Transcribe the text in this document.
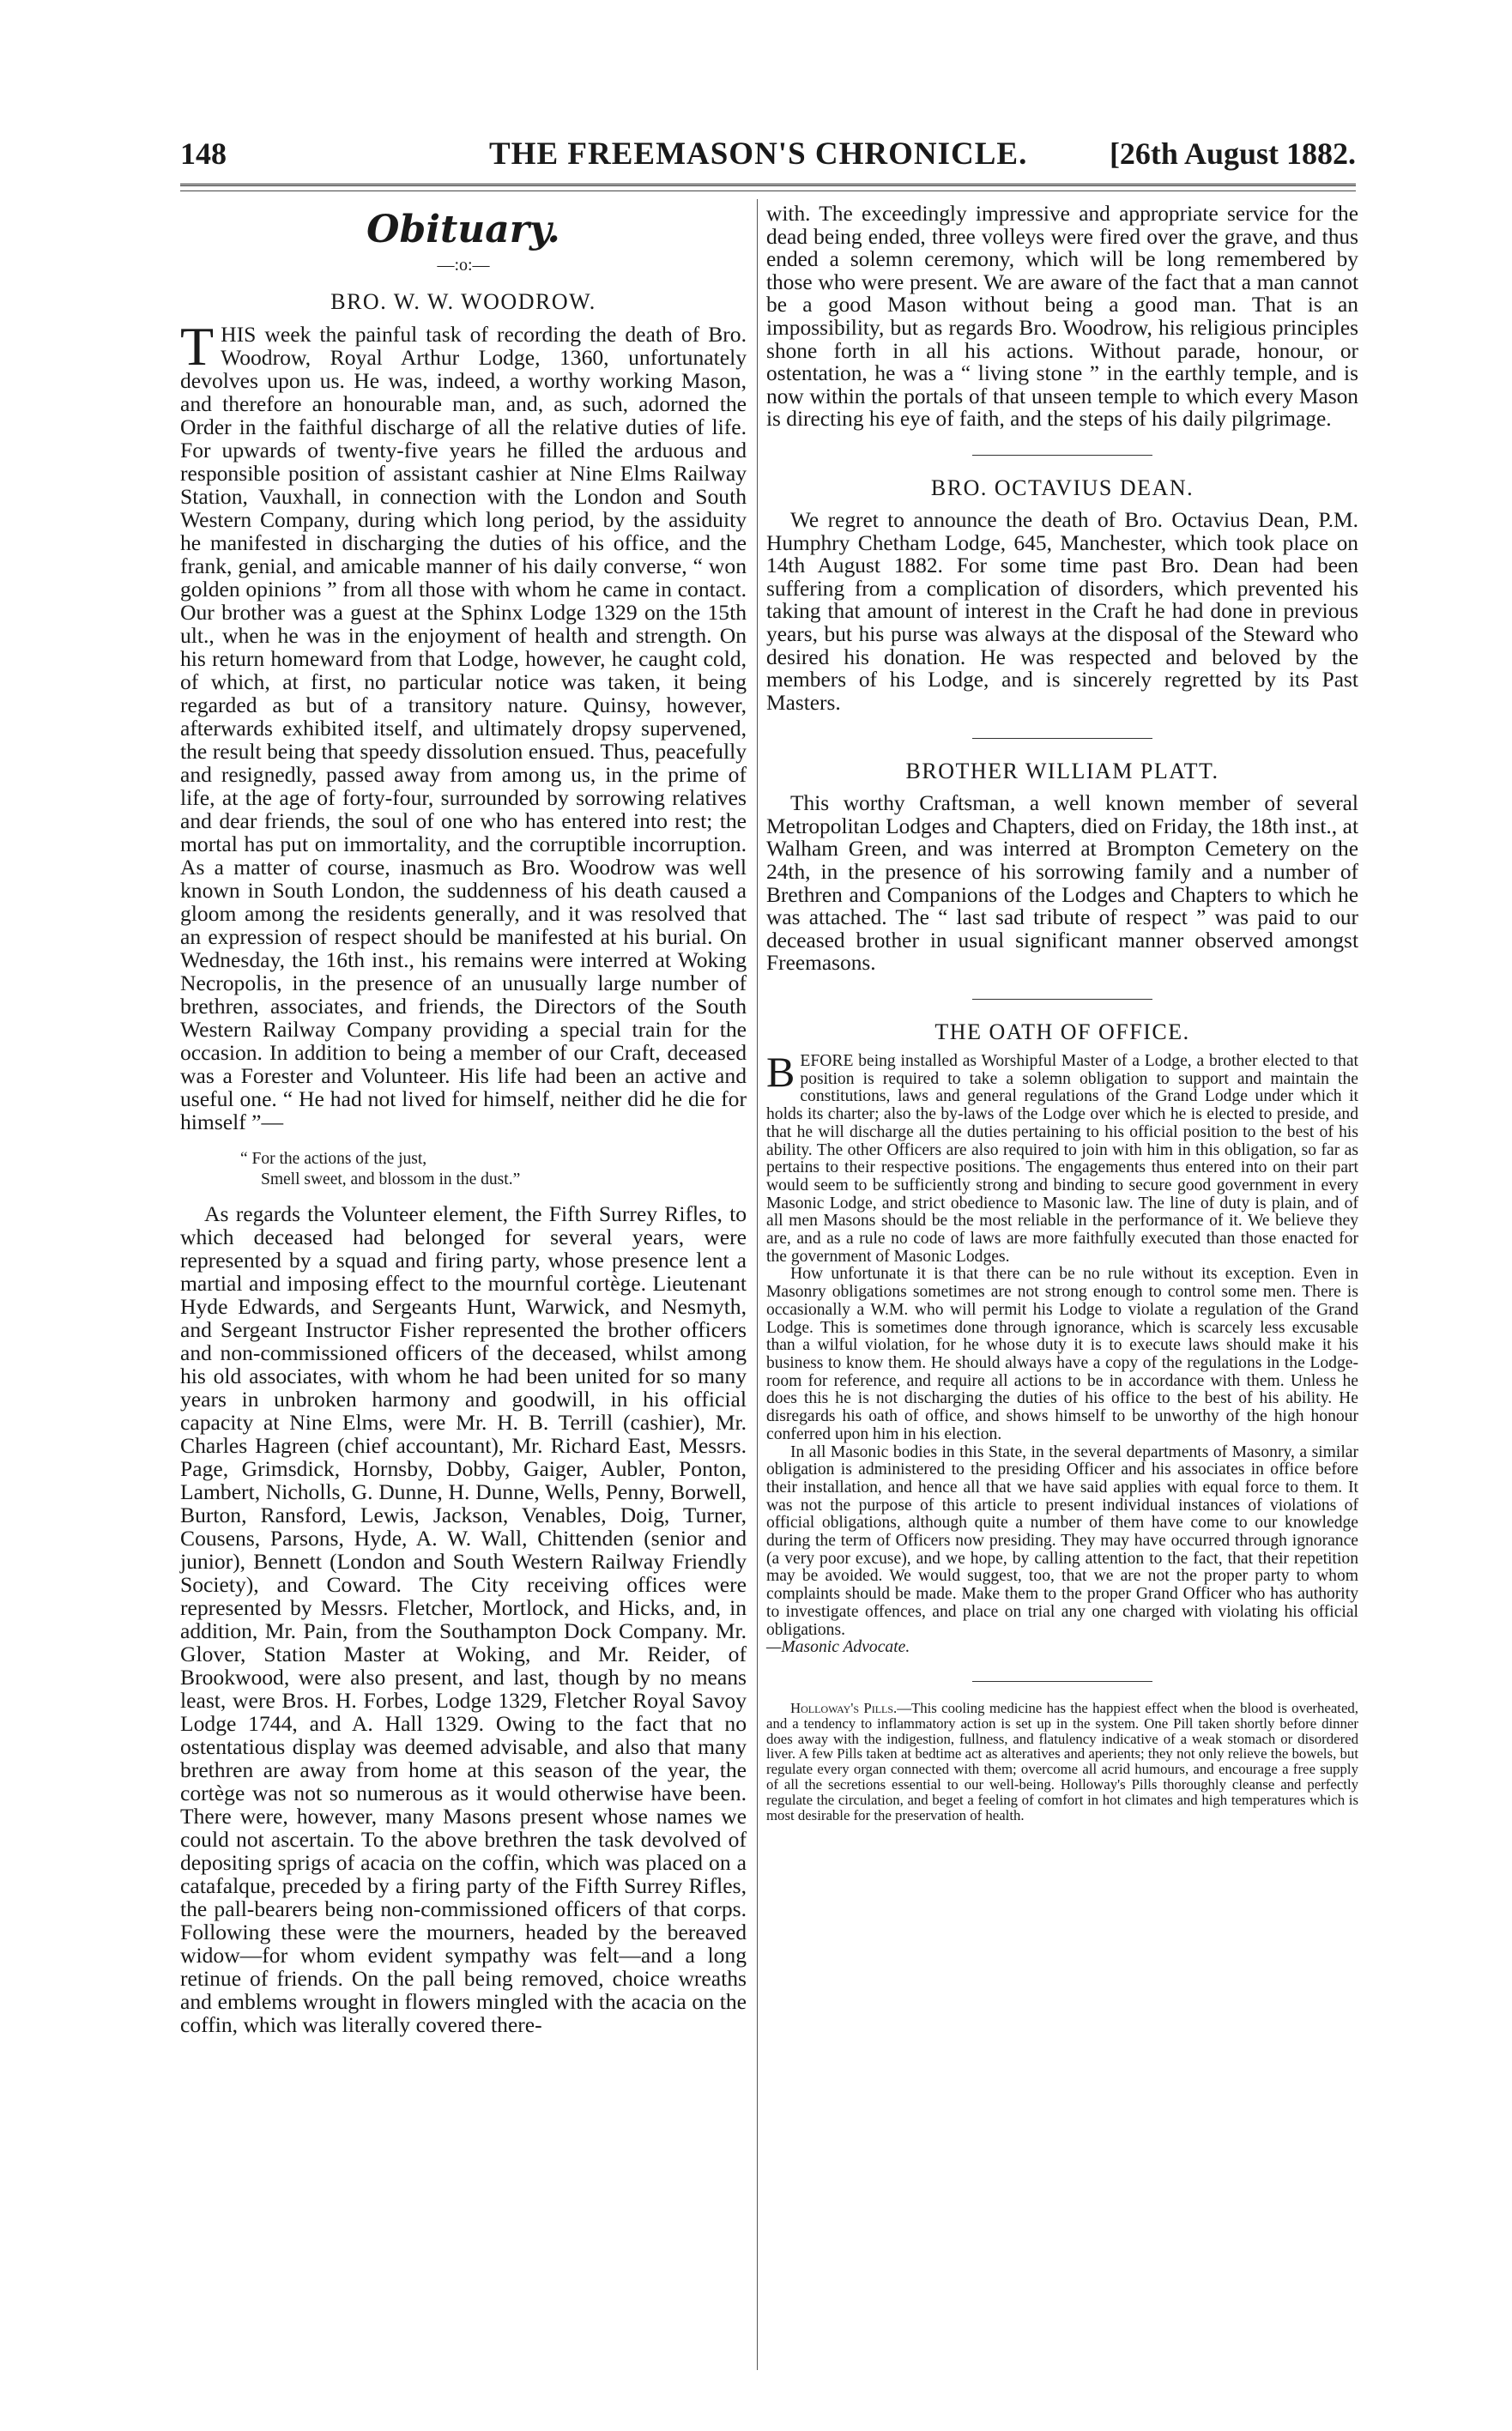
148	THE FREEMASON'S CHRONICLE.	[26th August 1882.
Obituary.
—:o:—
BRO. W. W. WOODROW.

THIS week the painful task of recording the death of Bro. Woodrow, Royal Arthur Lodge, 1360, unfortunately devolves upon us. He was, indeed, a worthy working Mason, and therefore an honourable man, and, as such, adorned the Order in the faithful discharge of all the relative duties of life. For upwards of twenty-five years he filled the arduous and responsible position of assistant cashier at Nine Elms Railway Station, Vauxhall, in connection with the London and South Western Company, during which long period, by the assiduity he manifested in discharging the duties of his office, and the frank, genial, and amicable manner of his daily converse, “ won golden opinions ” from all those with whom he came in contact. Our brother was a guest at the Sphinx Lodge 1329 on the 15th ult., when he was in the enjoyment of health and strength. On his return homeward from that Lodge, however, he caught cold, of which, at first, no particular notice was taken, it being regarded as but of a transitory nature. Quinsy, however, afterwards exhibited itself, and ultimately dropsy supervened, the result being that speedy dissolution ensued. Thus, peacefully and resignedly, passed away from among us, in the prime of life, at the age of forty-four, surrounded by sorrowing relatives and dear friends, the soul of one who has entered into rest; the mortal has put on immortality, and the corruptible incorruption. As a matter of course, inasmuch as Bro. Woodrow was well known in South London, the suddenness of his death caused a gloom among the residents generally, and it was resolved that an expression of respect should be manifested at his burial. On Wednesday, the 16th inst., his remains were interred at Woking Necropolis, in the presence of an unusually large number of brethren, associates, and friends, the Directors of the South Western Railway Company providing a special train for the occasion. In addition to being a member of our Craft, deceased was a Forester and Volunteer. His life had been an active and useful one. “ He had not lived for himself, neither did he die for himself ”—

“ For the actions of the just,
Smell sweet, and blossom in the dust.”

As regards the Volunteer element, the Fifth Surrey Rifles, to which deceased had belonged for several years, were represented by a squad and firing party, whose presence lent a martial and imposing effect to the mournful cortège. Lieutenant Hyde Edwards, and Sergeants Hunt, Warwick, and Nesmyth, and Sergeant Instructor Fisher represented the brother officers and non-commissioned officers of the deceased, whilst among his old associates, with whom he had been united for so many years in unbroken harmony and goodwill, in his official capacity at Nine Elms, were Mr. H. B. Terrill (cashier), Mr. Charles Hagreen (chief accountant), Mr. Richard East, Messrs. Page, Grimsdick, Hornsby, Dobby, Gaiger, Aubler, Ponton, Lambert, Nicholls, G. Dunne, H. Dunne, Wells, Penny, Borwell, Burton, Ransford, Lewis, Jackson, Venables, Doig, Turner, Cousens, Parsons, Hyde, A. W. Wall, Chittenden (senior and junior), Bennett (London and South Western Railway Friendly Society), and Coward. The City receiving offices were represented by Messrs. Fletcher, Mortlock, and Hicks, and, in addition, Mr. Pain, from the Southampton Dock Company. Mr. Glover, Station Master at Woking, and Mr. Reider, of Brookwood, were also present, and last, though by no means least, were Bros. H. Forbes, Lodge 1329, Fletcher Royal Savoy Lodge 1744, and A. Hall 1329. Owing to the fact that no ostentatious display was deemed advisable, and also that many brethren are away from home at this season of the year, the cortège was not so numerous as it would otherwise have been. There were, however, many Masons present whose names we could not ascertain. To the above brethren the task devolved of depositing sprigs of acacia on the coffin, which was placed on a catafalque, preceded by a firing party of the Fifth Surrey Rifles, the pall-bearers being non-commissioned officers of that corps. Following these were the mourners, headed by the bereaved widow—for whom evident sympathy was felt—and a long retinue of friends. On the pall being removed, choice wreaths and emblems wrought in flowers mingled with the acacia on the coffin, which was literally covered there-

with. The exceedingly impressive and appropriate service for the dead being ended, three volleys were fired over the grave, and thus ended a solemn ceremony, which will be long remembered by those who were present. We are aware of the fact that a man cannot be a good Mason without being a good man. That is an impossibility, but as regards Bro. Woodrow, his religious principles shone forth in all his actions. Without parade, honour, or ostentation, he was a “ living stone ” in the earthly temple, and is now within the portals of that unseen temple to which every Mason is directing his eye of faith, and the steps of his daily pilgrimage.

BRO. OCTAVIUS DEAN.

We regret to announce the death of Bro. Octavius Dean, P.M. Humphry Chetham Lodge, 645, Manchester, which took place on 14th August 1882. For some time past Bro. Dean had been suffering from a complication of disorders, which prevented his taking that amount of interest in the Craft he had done in previous years, but his purse was always at the disposal of the Steward who desired his donation. He was respected and beloved by the members of his Lodge, and is sincerely regretted by its Past Masters.

BROTHER WILLIAM PLATT.

This worthy Craftsman, a well known member of several Metropolitan Lodges and Chapters, died on Friday, the 18th inst., at Walham Green, and was interred at Brompton Cemetery on the 24th, in the presence of his sorrowing family and a number of Brethren and Companions of the Lodges and Chapters to which he was attached. The “ last sad tribute of respect ” was paid to our deceased brother in usual significant manner observed amongst Freemasons.

THE OATH OF OFFICE.

BEFORE being installed as Worshipful Master of a Lodge, a brother elected to that position is required to take a solemn obligation to support and maintain the constitutions, laws and general regulations of the Grand Lodge under which it holds its charter; also the by-laws of the Lodge over which he is elected to preside, and that he will discharge all the duties pertaining to his official position to the best of his ability. The other Officers are also required to join with him in this obligation, so far as pertains to their respective positions. The engagements thus entered into on their part would seem to be sufficiently strong and binding to secure good government in every Masonic Lodge, and strict obedience to Masonic law. The line of duty is plain, and of all men Masons should be the most reliable in the performance of it. We believe they are, and as a rule no code of laws are more faithfully executed than those enacted for the government of Masonic Lodges.

How unfortunate it is that there can be no rule without its exception. Even in Masonry obligations sometimes are not strong enough to control some men. There is occasionally a W.M. who will permit his Lodge to violate a regulation of the Grand Lodge. This is sometimes done through ignorance, which is scarcely less excusable than a wilful violation, for he whose duty it is to execute laws should make it his business to know them. He should always have a copy of the regulations in the Lodge-room for reference, and require all actions to be in accordance with them. Unless he does this he is not discharging the duties of his office to the best of his ability. He disregards his oath of office, and shows himself to be unworthy of the high honour conferred upon him in his election.

In all Masonic bodies in this State, in the several departments of Masonry, a similar obligation is administered to the presiding Officer and his associates in office before their installation, and hence all that we have said applies with equal force to them. It was not the purpose of this article to present individual instances of violations of official obligations, although quite a number of them have come to our knowledge during the term of Officers now presiding. They may have occurred through ignorance (a very poor excuse), and we hope, by calling attention to the fact, that their repetition may be avoided. We would suggest, too, that we are not the proper party to whom complaints should be made. Make them to the proper Grand Officer who has authority to investigate offences, and place on trial any one charged with violating his official obligations.

—Masonic Advocate.

Holloway's Pills.—This cooling medicine has the happiest effect when the blood is overheated, and a tendency to inflammatory action is set up in the system. One Pill taken shortly before dinner does away with the indigestion, fullness, and flatulency indicative of a weak stomach or disordered liver. A few Pills taken at bedtime act as alteratives and aperients; they not only relieve the bowels, but regulate every organ connected with them; overcome all acrid humours, and encourage a free supply of all the secretions essential to our well-being. Holloway's Pills thoroughly cleanse and perfectly regulate the circulation, and beget a feeling of comfort in hot climates and high temperatures which is most desirable for the preservation of health.
